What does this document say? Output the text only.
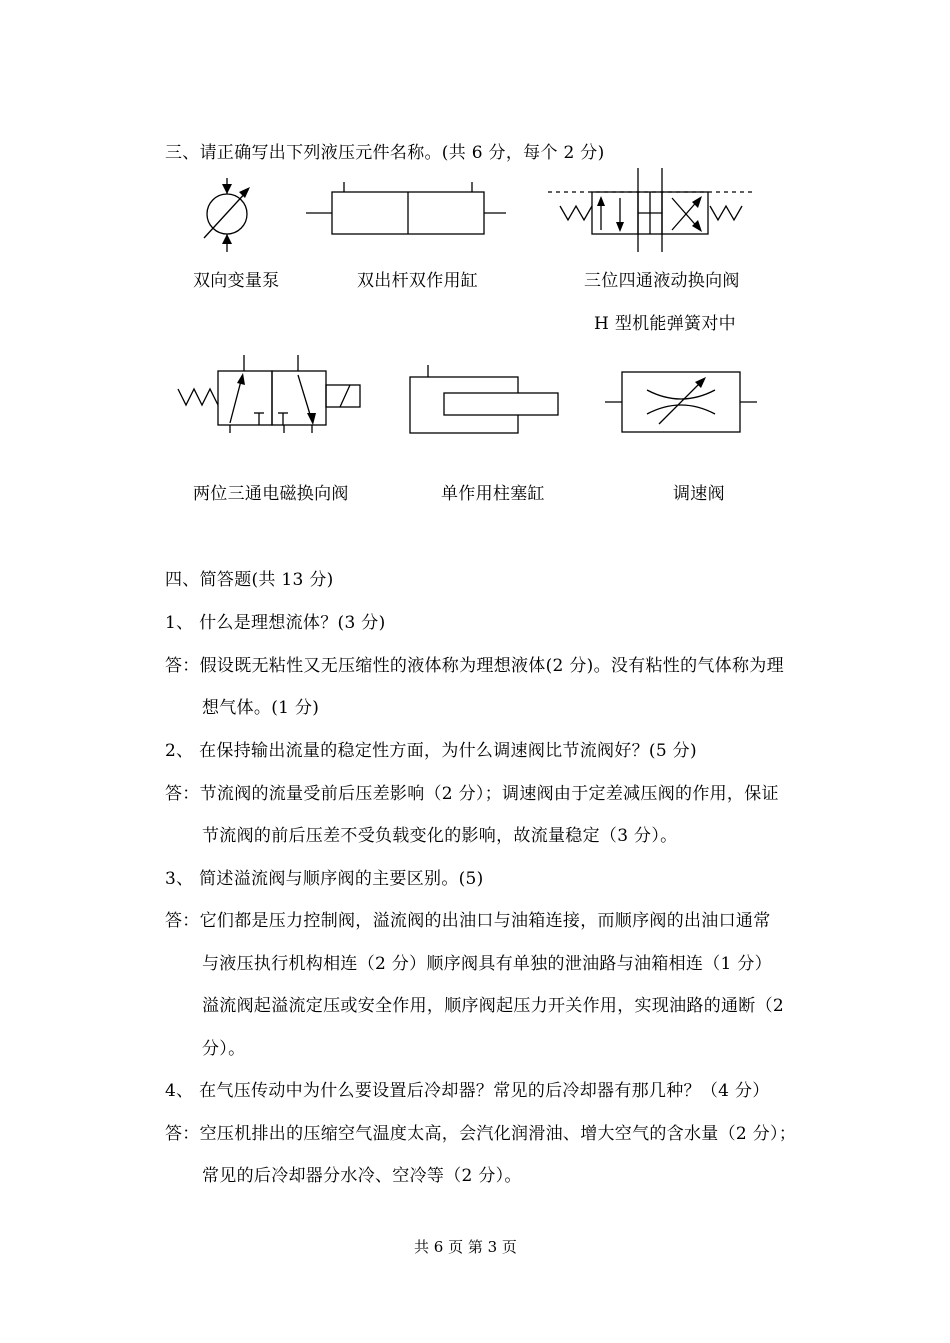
三、请正确写出下列液压元件名称。(共 6 分，每个 2 分)
双向变量泵	双出杆双作用缸	三位四通液动换向阀
H 型机能弹簧对中
两位三通电磁换向阀	单作用柱塞缸	调速阀
四、简答题(共 13 分)
1、 什么是理想流体？(3 分)
答：假设既无粘性又无压缩性的液体称为理想液体(2 分)。没有粘性的气体称为理
想气体。(1 分)
2、 在保持输出流量的稳定性方面，为什么调速阀比节流阀好？(5 分)
答：节流阀的流量受前后压差影响（2 分）；调速阀由于定差减压阀的作用，保证
节流阀的前后压差不受负载变化的影响，故流量稳定（3 分）。
3、 简述溢流阀与顺序阀的主要区别。(5)
答：它们都是压力控制阀，溢流阀的出油口与油箱连接，而顺序阀的出油口通常
与液压执行机构相连（2 分）顺序阀具有单独的泄油路与油箱相连（1 分）
溢流阀起溢流定压或安全作用，顺序阀起压力开关作用，实现油路的通断（2
分）。
4、 在气压传动中为什么要设置后冷却器？常见的后冷却器有那几种？（4 分）
答：空压机排出的压缩空气温度太高，会汽化润滑油、增大空气的含水量（2 分）；
常见的后冷却器分水冷、空冷等（2 分）。
共 6 页 第 3 页
